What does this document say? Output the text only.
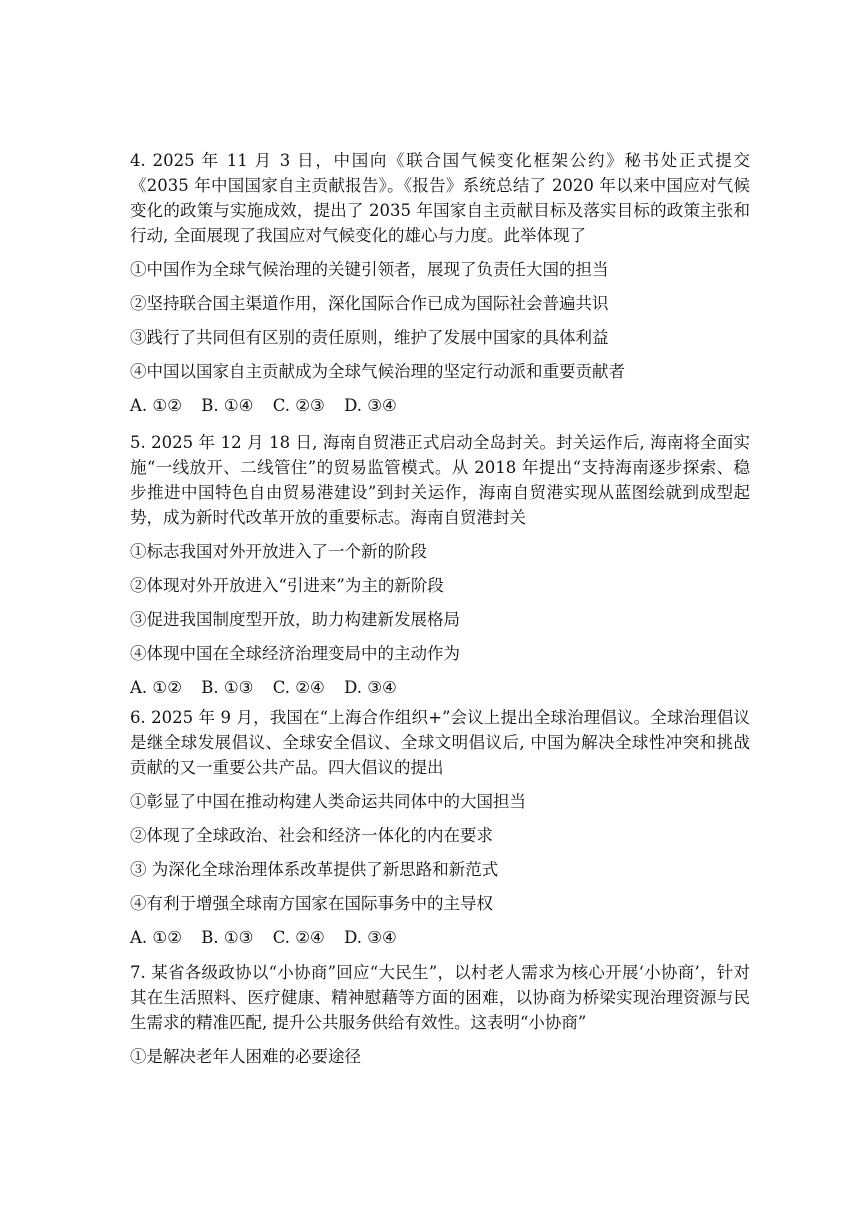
4. 2025 年 11 月 3 日，中国向《联合国气候变化框架公约》秘书处正式提交《2035 年中国国家自主贡献报告》。《报告》系统总结了 2020 年以来中国应对气候变化的政策与实施成效，提出了 2035 年国家自主贡献目标及落实目标的政策主张和行动, 全面展现了我国应对气候变化的雄心与力度。此举体现了

①中国作为全球气候治理的关键引领者，展现了负责任大国的担当

②坚持联合国主渠道作用，深化国际合作已成为国际社会普遍共识

③践行了共同但有区别的责任原则，维护了发展中国家的具体利益

④中国以国家自主贡献成为全球气候治理的坚定行动派和重要贡献者

A. ①② B. ①④ C. ②③ D. ③④

5. 2025 年 12 月 18 日, 海南自贸港正式启动全岛封关。封关运作后, 海南将全面实施“一线放开、二线管住”的贸易监管模式。从 2018 年提出“支持海南逐步探索、稳步推进中国特色自由贸易港建设”到封关运作，海南自贸港实现从蓝图绘就到成型起势，成为新时代改革开放的重要标志。海南自贸港封关

①标志我国对外开放进入了一个新的阶段

②体现对外开放进入“引进来”为主的新阶段

③促进我国制度型开放，助力构建新发展格局

④体现中国在全球经济治理变局中的主动作为

A. ①② B. ①③ C. ②④ D. ③④

6. 2025 年 9 月，我国在“上海合作组织+”会议上提出全球治理倡议。全球治理倡议是继全球发展倡议、全球安全倡议、全球文明倡议后, 中国为解决全球性冲突和挑战贡献的又一重要公共产品。四大倡议的提出

①彰显了中国在推动构建人类命运共同体中的大国担当

②体现了全球政治、社会和经济一体化的内在要求

③ 为深化全球治理体系改革提供了新思路和新范式

④有利于增强全球南方国家在国际事务中的主导权

A. ①② B. ①③ C. ②④ D. ③④

7. 某省各级政协以“小协商”回应“大民生”，以村老人需求为核心开展‘小协商’，针对其在生活照料、医疗健康、精神慰藉等方面的困难，以协商为桥梁实现治理资源与民生需求的精准匹配, 提升公共服务供给有效性。这表明“小协商”

①是解决老年人困难的必要途径
